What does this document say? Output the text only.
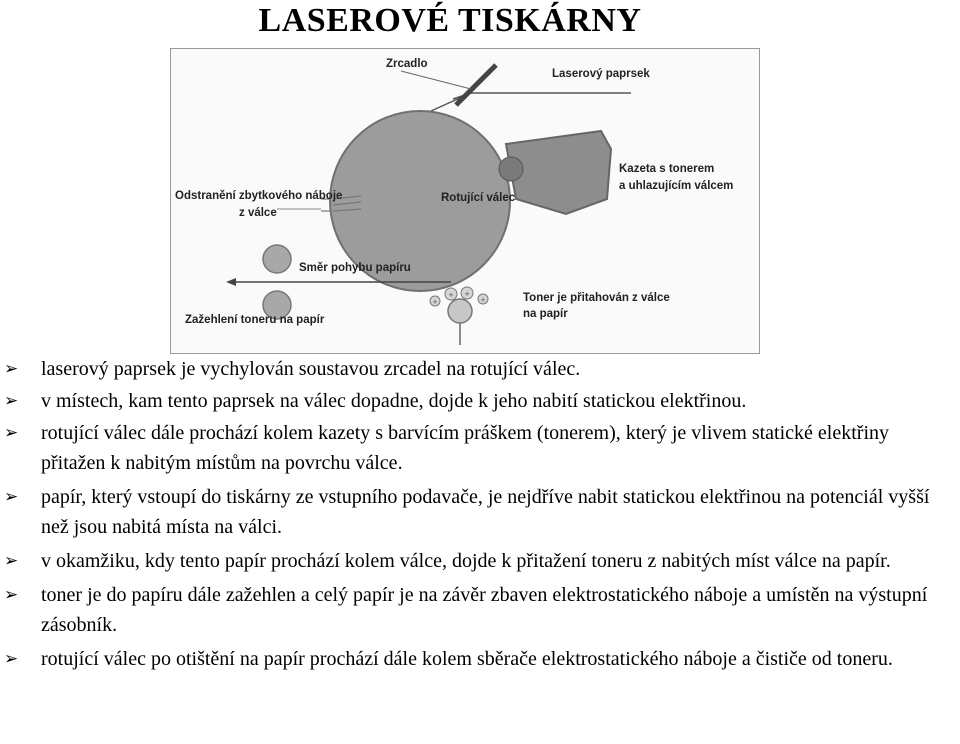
LASEROVÉ TISKÁRNY
+ +
+	+
Zrcadlo
Laserový paprsek
Kazeta s tonerem
a uhlazujícím válcem
Odstranění zbytkového náboje
z válce
Rotující válec
Směr pohybu papíru
Toner je přitahován z válce
na papír
Zažehlení toneru na papír
➢ laserový paprsek je vychylován soustavou zrcadel na rotující válec.
➢ v místech, kam tento paprsek na válec dopadne, dojde k jeho nabití statickou elektřinou.
➢ rotující válec dále prochází kolem kazety s barvícím práškem (tonerem), který je vlivem statické elektřiny přitažen k nabitým místům na povrchu válce.
➢ papír, který vstoupí do tiskárny ze vstupního podavače, je nejdříve nabit statickou elektřinou na potenciál vyšší než jsou nabitá místa na válci.
➢ v okamžiku, kdy tento papír prochází kolem válce, dojde k přitažení toneru z nabitých míst válce na papír.
➢ toner je do papíru dále zažehlen a celý papír je na závěr zbaven elektrostatického náboje a umístěn na výstupní zásobník.
➢ rotující válec po otištění na papír prochází dále kolem sběrače elektrostatického náboje a čističe od toneru.
